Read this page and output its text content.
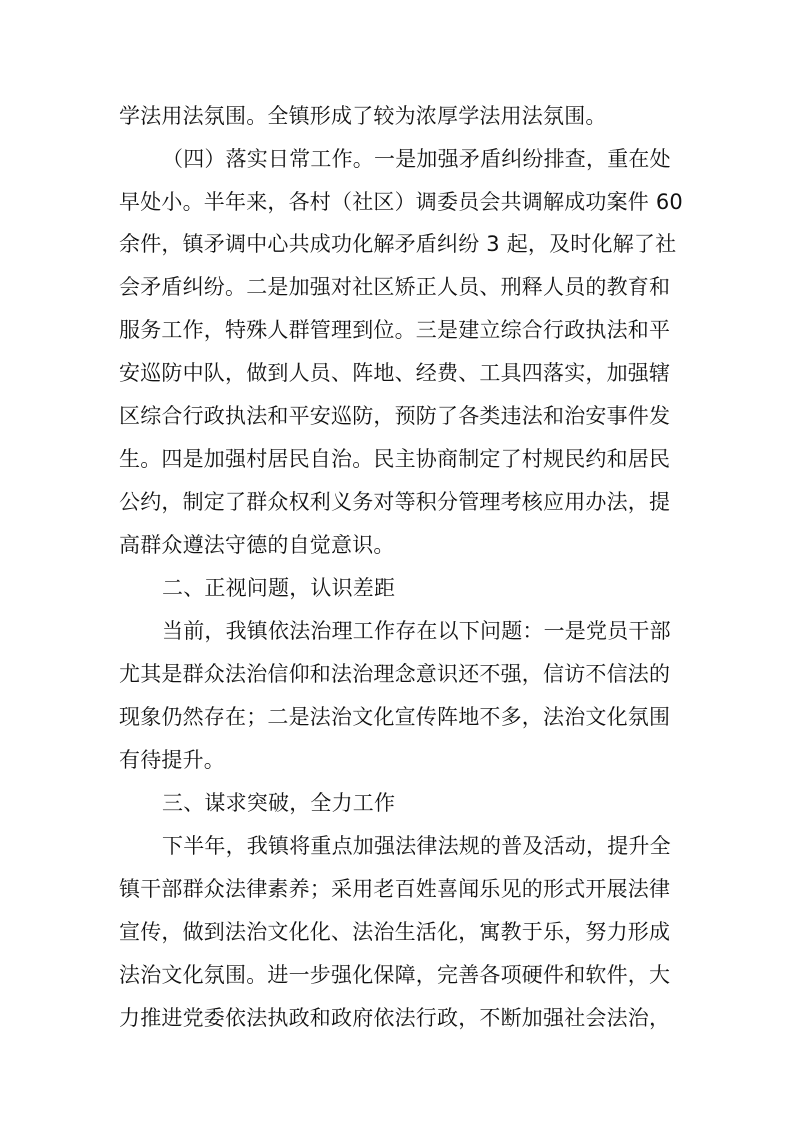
学法用法氛围。全镇形成了较为浓厚学法用法氛围。
（四）落实日常工作。一是加强矛盾纠纷排查，重在处
早处小。半年来，各村（社区）调委员会共调解成功案件 60
余件，镇矛调中心共成功化解矛盾纠纷 3 起，及时化解了社
会矛盾纠纷。二是加强对社区矫正人员、刑释人员的教育和
服务工作，特殊人群管理到位。三是建立综合行政执法和平
安巡防中队，做到人员、阵地、经费、工具四落实，加强辖
区综合行政执法和平安巡防，预防了各类违法和治安事件发
生。四是加强村居民自治。民主协商制定了村规民约和居民
公约，制定了群众权利义务对等积分管理考核应用办法，提
高群众遵法守德的自觉意识。
二、正视问题，认识差距
当前，我镇依法治理工作存在以下问题：一是党员干部
尤其是群众法治信仰和法治理念意识还不强，信访不信法的
现象仍然存在；二是法治文化宣传阵地不多，法治文化氛围
有待提升。
三、谋求突破，全力工作
下半年，我镇将重点加强法律法规的普及活动，提升全
镇干部群众法律素养；采用老百姓喜闻乐见的形式开展法律
宣传，做到法治文化化、法治生活化，寓教于乐，努力形成
法治文化氛围。进一步强化保障，完善各项硬件和软件，大
力推进党委依法执政和政府依法行政，不断加强社会法治，
